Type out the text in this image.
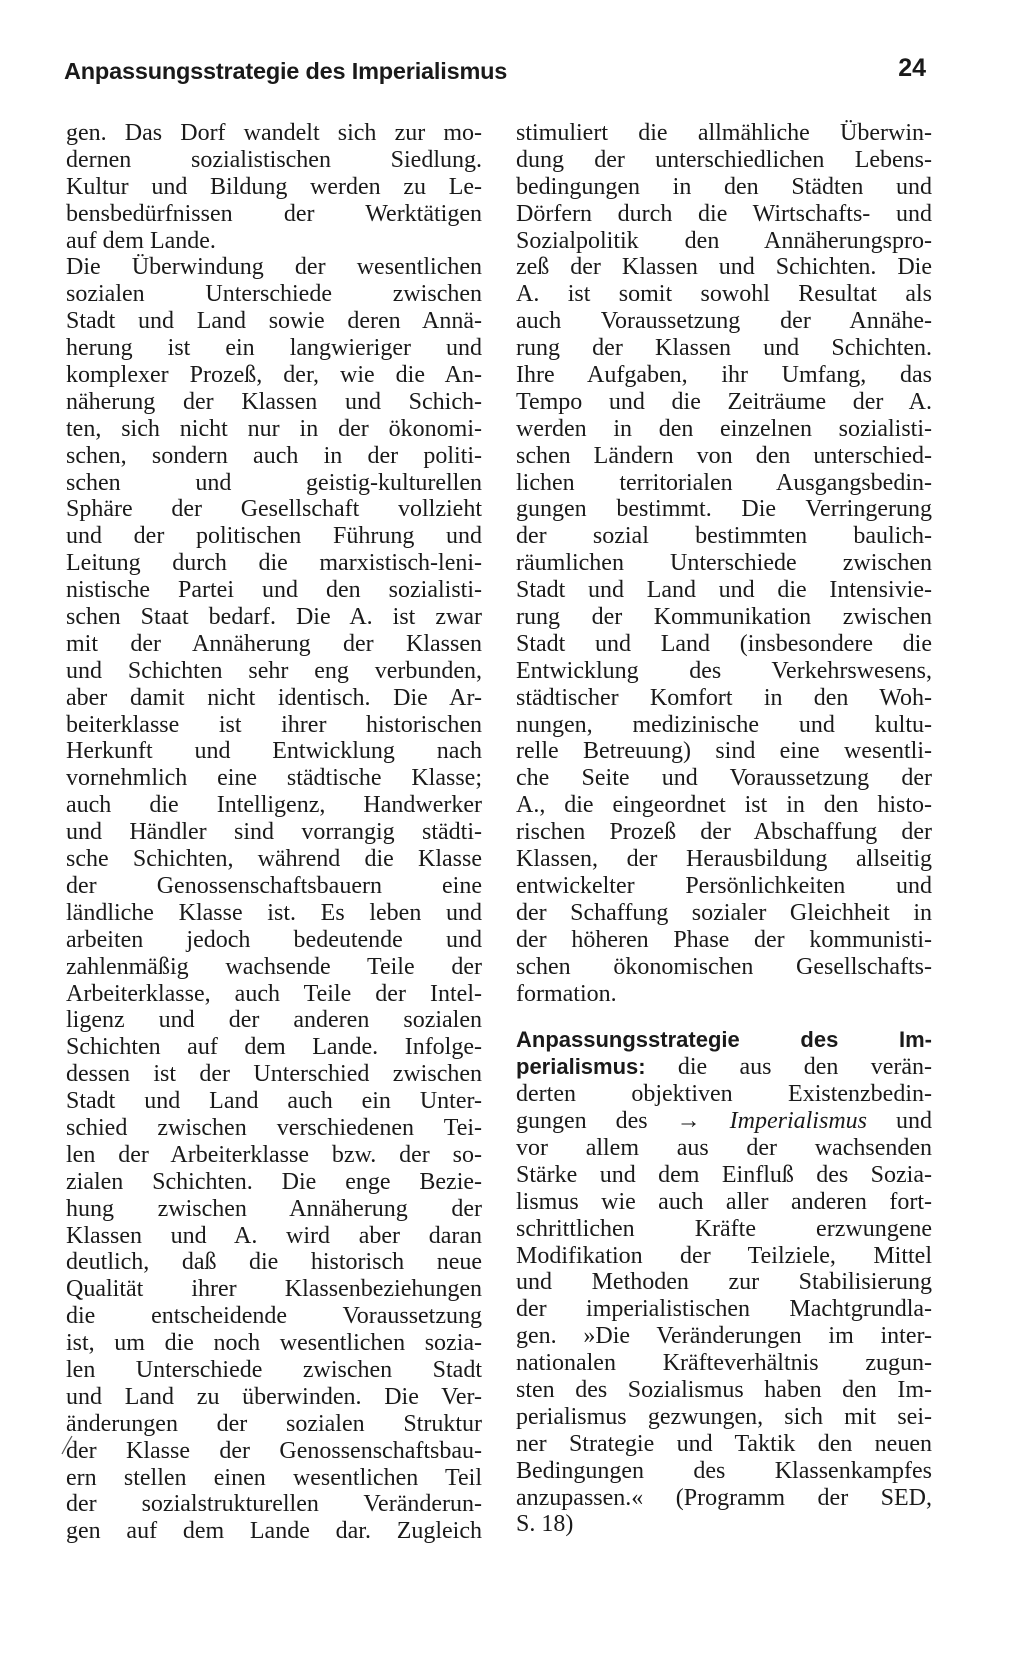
Anpassungsstrategie des Imperialismus	24
gen. Das Dorf wandelt sich zur mo-
dernen sozialistischen Siedlung.
Kultur und Bildung werden zu Le-
bensbedürfnissen der Werktätigen
auf dem Lande.
Die Überwindung der wesentlichen
sozialen Unterschiede zwischen
Stadt und Land sowie deren Annä-
herung ist ein langwieriger und
komplexer Prozeß, der, wie die An-
näherung der Klassen und Schich-
ten, sich nicht nur in der ökonomi-
schen, sondern auch in der politi-
schen und geistig-kulturellen
Sphäre der Gesellschaft vollzieht
und der politischen Führung und
Leitung durch die marxistisch-leni-
nistische Partei und den sozialisti-
schen Staat bedarf. Die A. ist zwar
mit der Annäherung der Klassen
und Schichten sehr eng verbunden,
aber damit nicht identisch. Die Ar-
beiterklasse ist ihrer historischen
Herkunft und Entwicklung nach
vornehmlich eine städtische Klasse;
auch die Intelligenz, Handwerker
und Händler sind vorrangig städti-
sche Schichten, während die Klasse
der Genossenschaftsbauern eine
ländliche Klasse ist. Es leben und
arbeiten jedoch bedeutende und
zahlenmäßig wachsende Teile der
Arbeiterklasse, auch Teile der Intel-
ligenz und der anderen sozialen
Schichten auf dem Lande. Infolge-
dessen ist der Unterschied zwischen
Stadt und Land auch ein Unter-
schied zwischen verschiedenen Tei-
len der Arbeiterklasse bzw. der so-
zialen Schichten. Die enge Bezie-
hung zwischen Annäherung der
Klassen und A. wird aber daran
deutlich, daß die historisch neue
Qualität ihrer Klassenbeziehungen
die entscheidende Voraussetzung
ist, um die noch wesentlichen sozia-
len Unterschiede zwischen Stadt
und Land zu überwinden. Die Ver-
änderungen der sozialen Struktur
der Klasse der Genossenschaftsbau-
ern stellen einen wesentlichen Teil
der sozialstrukturellen Veränderun-
gen auf dem Lande dar. Zugleich
stimuliert die allmähliche Überwin-
dung der unterschiedlichen Lebens-
bedingungen in den Städten und
Dörfern durch die Wirtschafts- und
Sozialpolitik den Annäherungspro-
zeß der Klassen und Schichten. Die
A. ist somit sowohl Resultat als
auch Voraussetzung der Annähe-
rung der Klassen und Schichten.
Ihre Aufgaben, ihr Umfang, das
Tempo und die Zeiträume der A.
werden in den einzelnen sozialisti-
schen Ländern von den unterschied-
lichen territorialen Ausgangsbedin-
gungen bestimmt. Die Verringerung
der sozial bestimmten baulich-
räumlichen Unterschiede zwischen
Stadt und Land und die Intensivie-
rung der Kommunikation zwischen
Stadt und Land (insbesondere die
Entwicklung des Verkehrswesens,
städtischer Komfort in den Woh-
nungen, medizinische und kultu-
relle Betreuung) sind eine wesentli-
che Seite und Voraussetzung der
A., die eingeordnet ist in den histo-
rischen Prozeß der Abschaffung der
Klassen, der Herausbildung allseitig
entwickelter Persönlichkeiten und
der Schaffung sozialer Gleichheit in
der höheren Phase der kommunisti-
schen ökonomischen Gesellschafts-
formation.
Anpassungsstrategie des Im-
perialismus: die aus den verän-
derten objektiven Existenzbedin-
gungen des → Imperialismus und
vor allem aus der wachsenden
Stärke und dem Einfluß des Sozia-
lismus wie auch aller anderen fort-
schrittlichen Kräfte erzwungene
Modifikation der Teilziele, Mittel
und Methoden zur Stabilisierung
der imperialistischen Machtgrundla-
gen. »Die Veränderungen im inter-
nationalen Kräfteverhältnis zugun-
sten des Sozialismus haben den Im-
perialismus gezwungen, sich mit sei-
ner Strategie und Taktik den neuen
Bedingungen des Klassenkampfes
anzupassen.« (Programm der SED,
S. 18)
